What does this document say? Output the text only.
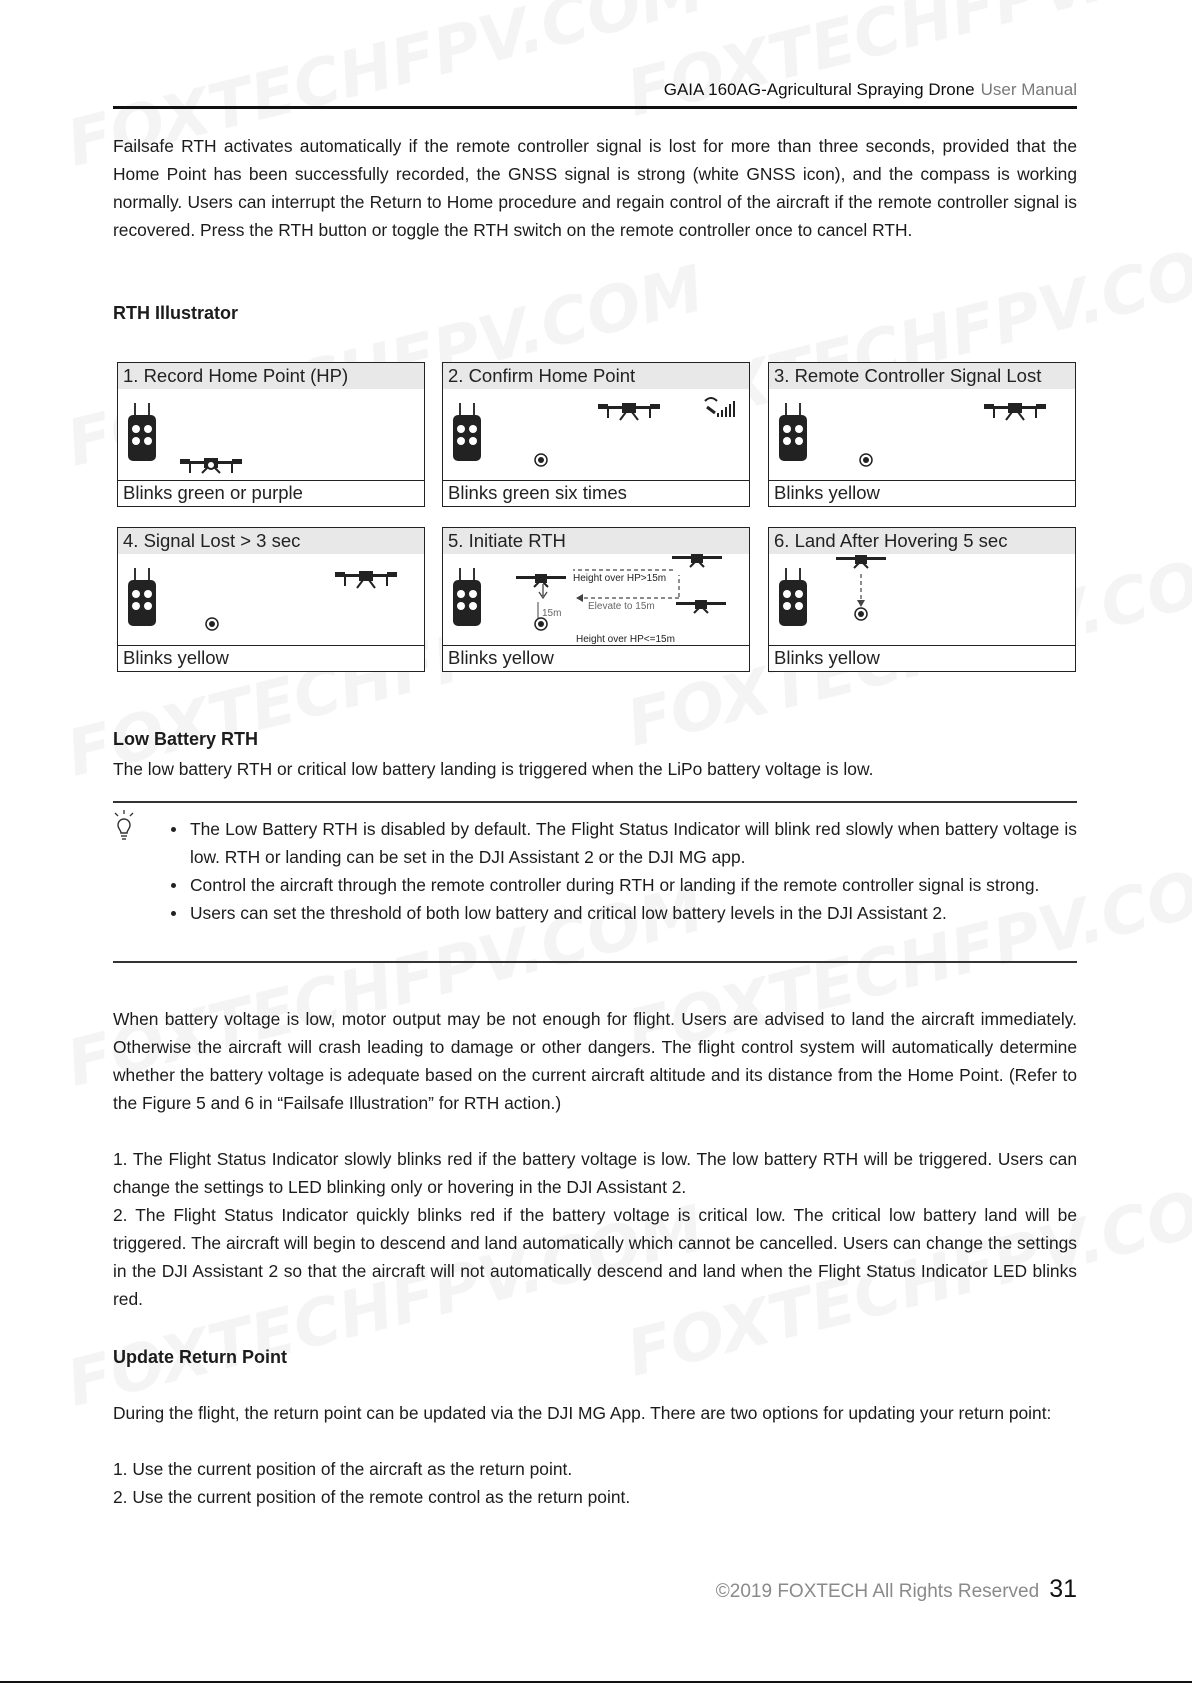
GAIA 160AG-Agricultural Spraying Drone User Manual

Failsafe RTH activates automatically if the remote controller signal is lost for more than three seconds, provided that the Home Point has been successfully recorded, the GNSS signal is strong (white GNSS icon), and the compass is working normally. Users can interrupt the Return to Home procedure and regain control of the aircraft if the remote controller signal is recovered. Press the RTH button or toggle the RTH switch on the remote controller once to cancel RTH.

RTH Illustrator
1. Record Home Point (HP)
Blinks green or purple
2. Confirm Home Point
Blinks green six times
3. Remote Controller Signal Lost
Blinks yellow
4. Signal Lost > 3 sec
Blinks yellow
5. Initiate RTH
Height over HP>15m
Elevate to 15m
15m
Height over HP<=15m
Blinks yellow
6. Land After Hovering 5 sec
Blinks yellow
Low Battery RTH

The low battery RTH or critical low battery landing is triggered when the LiPo battery voltage is low.

The Low Battery RTH is disabled by default. The Flight Status Indicator will blink red slowly when battery voltage is low. RTH or landing can be set in the DJI Assistant 2 or the DJI MG app.
Control the aircraft through the remote controller during RTH or landing if the remote controller signal is strong.
Users can set the threshold of both low battery and critical low battery levels in the DJI Assistant 2.

When battery voltage is low, motor output may be not enough for flight. Users are advised to land the aircraft immediately. Otherwise the aircraft will crash leading to damage or other dangers. The flight control system will automatically determine whether the battery voltage is adequate based on the current aircraft altitude and its distance from the Home Point. (Refer to the Figure 5 and 6 in “Failsafe Illustration” for RTH action.)

1. The Flight Status Indicator slowly blinks red if the battery voltage is low. The low battery RTH will be triggered. Users can change the settings to LED blinking only or hovering in the DJI Assistant 2.

2. The Flight Status Indicator quickly blinks red if the battery voltage is critical low. The critical low battery land will be triggered. The aircraft will begin to descend and land automatically which cannot be cancelled. Users can change the settings in the DJI Assistant 2 so that the aircraft will not automatically descend and land when the Flight Status Indicator LED blinks red.

Update Return Point

During the flight, the return point can be updated via the DJI MG App. There are two options for updating your return point:

1. Use the current position of the aircraft as the return point.

2. Use the current position of the remote control as the return point.

©2019 FOXTECH All Rights Reserved 31
